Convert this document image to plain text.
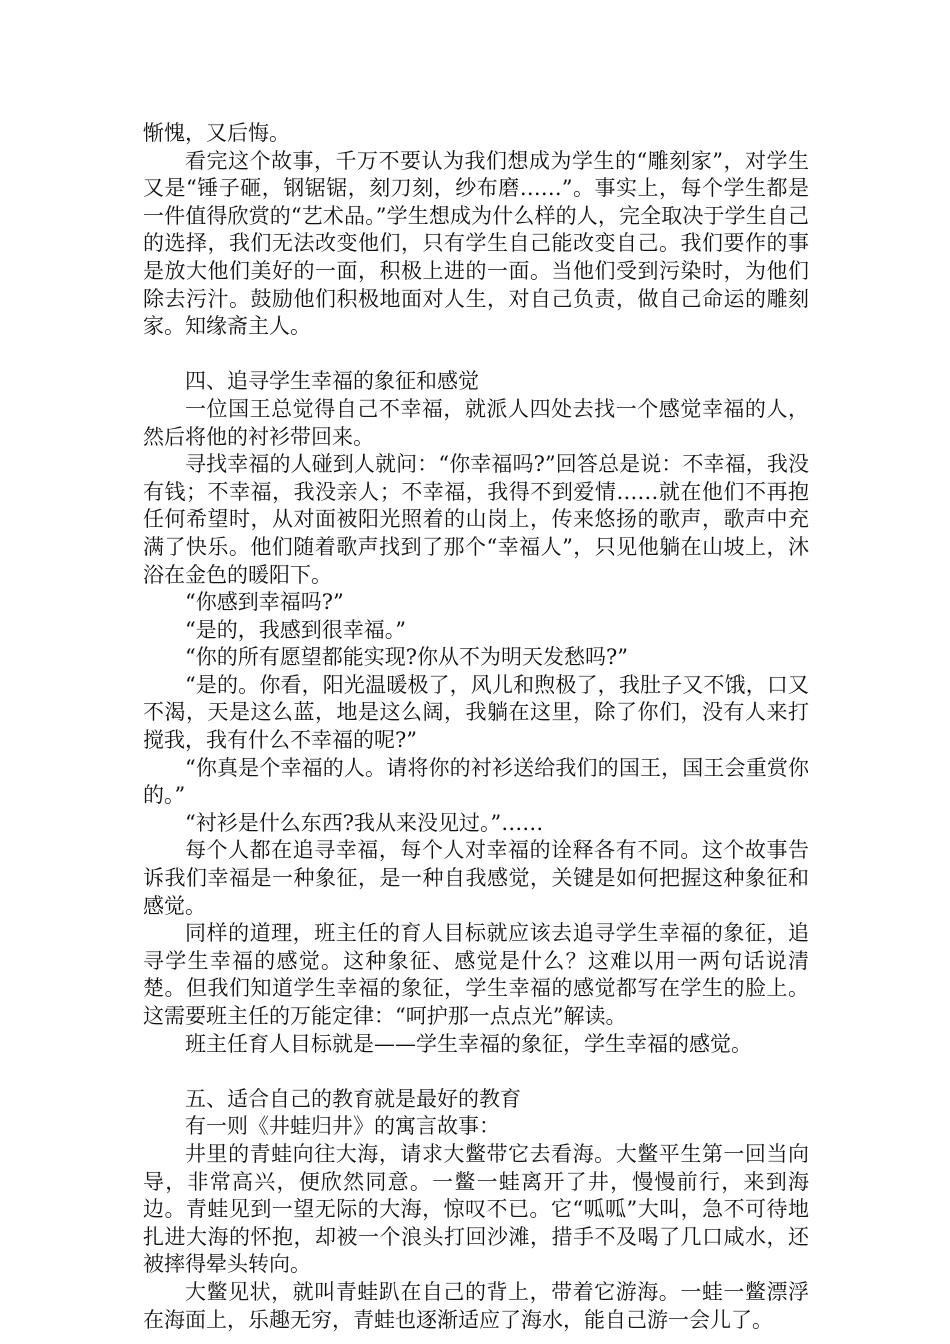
惭愧，又后悔。

看完这个故事，千万不要认为我们想成为学生的“雕刻家”，对学生又是“锤子砸，钢锯锯，刻刀刻，纱布磨……”。事实上，每个学生都是一件值得欣赏的“艺术品。”学生想成为什么样的人，完全取决于学生自己的选择，我们无法改变他们，只有学生自己能改变自己。我们要作的事是放大他们美好的一面，积极上进的一面。当他们受到污染时，为他们除去污汁。鼓励他们积极地面对人生，对自己负责，做自己命运的雕刻家。知缘斋主人。

四、追寻学生幸福的象征和感觉

一位国王总觉得自己不幸福，就派人四处去找一个感觉幸福的人，然后将他的衬衫带回来。

寻找幸福的人碰到人就问：“你幸福吗?”回答总是说：不幸福，我没有钱；不幸福，我没亲人；不幸福，我得不到爱情……就在他们不再抱任何希望时，从对面被阳光照着的山岗上，传来悠扬的歌声，歌声中充满了快乐。他们随着歌声找到了那个“幸福人”，只见他躺在山坡上，沐浴在金色的暖阳下。

“你感到幸福吗?”

“是的，我感到很幸福。”

“你的所有愿望都能实现?你从不为明天发愁吗?”

“是的。你看，阳光温暖极了，风儿和煦极了，我肚子又不饿，口又不渴，天是这么蓝，地是这么阔，我躺在这里，除了你们，没有人来打搅我，我有什么不幸福的呢?”

“你真是个幸福的人。请将你的衬衫送给我们的国王，国王会重赏你的。”

“衬衫是什么东西?我从来没见过。”……

每个人都在追寻幸福，每个人对幸福的诠释各有不同。这个故事告诉我们幸福是一种象征，是一种自我感觉，关键是如何把握这种象征和感觉。

同样的道理，班主任的育人目标就应该去追寻学生幸福的象征，追寻学生幸福的感觉。这种象征、感觉是什么？这难以用一两句话说清楚。但我们知道学生幸福的象征，学生幸福的感觉都写在学生的脸上。这需要班主任的万能定律：“呵护那一点点光”解读。

班主任育人目标就是——学生幸福的象征，学生幸福的感觉。

五、适合自己的教育就是最好的教育

有一则《井蛙归井》的寓言故事：

井里的青蛙向往大海，请求大鳖带它去看海。大鳖平生第一回当向导，非常高兴，便欣然同意。一鳖一蛙离开了井，慢慢前行，来到海边。青蛙见到一望无际的大海，惊叹不已。它“呱呱”大叫，急不可待地扎进大海的怀抱，却被一个浪头打回沙滩，措手不及喝了几口咸水，还被摔得晕头转向。

大鳖见状，就叫青蛙趴在自己的背上，带着它游海。一蛙一鳖漂浮在海面上，乐趣无穷，青蛙也逐渐适应了海水，能自己游一会儿了。
